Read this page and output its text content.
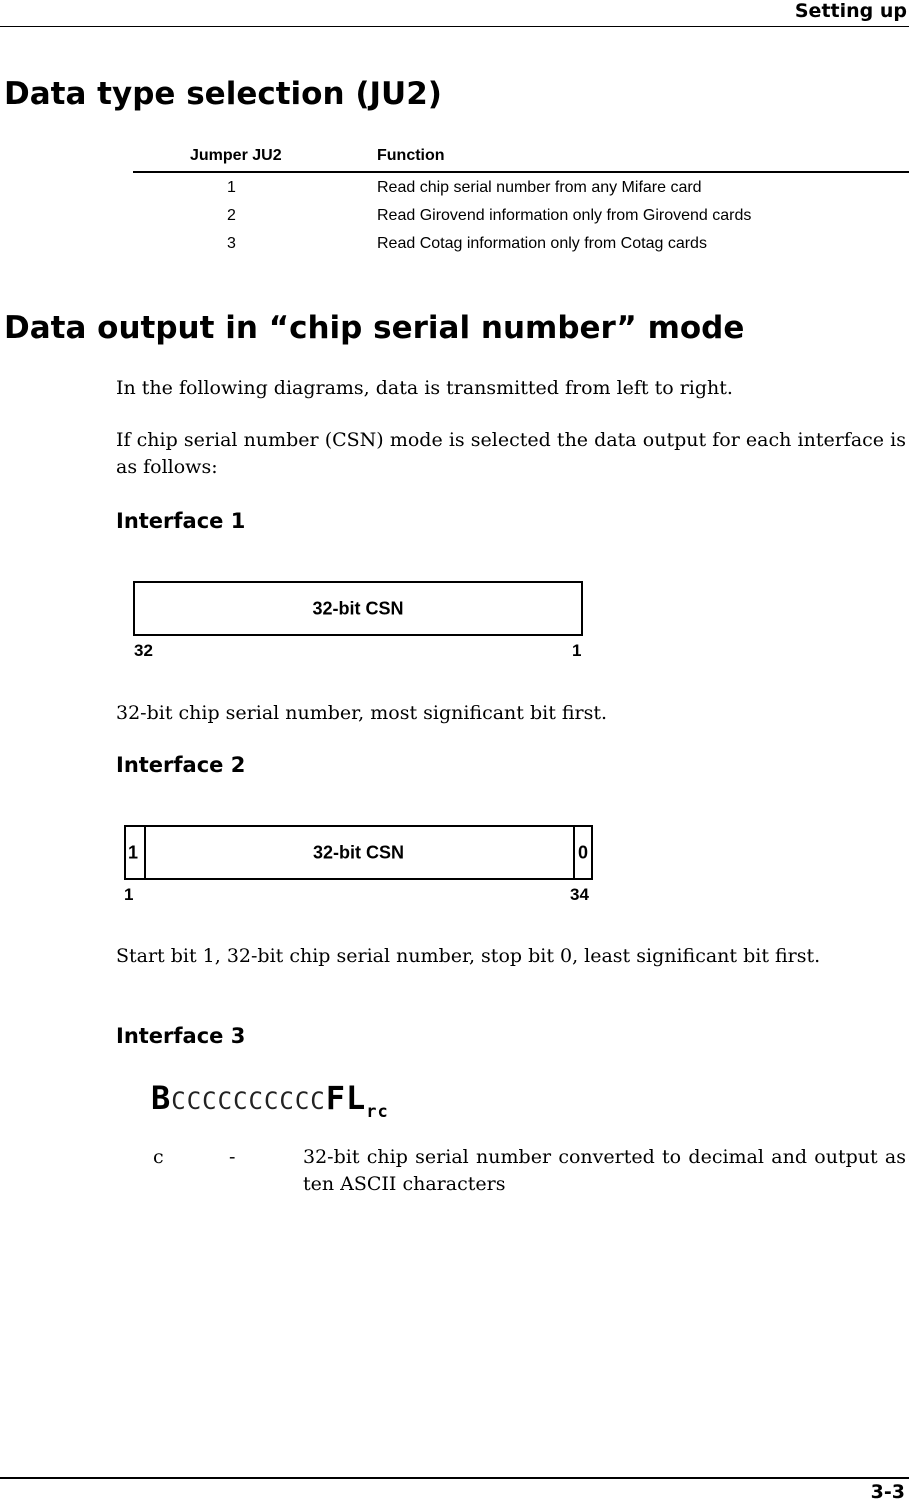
Setting up
Data type selection (JU2)
Jumper JU2	Function
1	Read chip serial number from any Mifare card
2	Read Girovend information only from Girovend cards
3	Read Cotag information only from Cotag cards
Data output in “chip serial number” mode
In the following diagrams, data is transmitted from left to right.
If chip serial number (CSN) mode is selected the data output for each interface is as follows:
Interface 1
32-bit CSN
32	1
32-bit chip serial number, most significant bit first.
Interface 2
1	32-bit CSN	0
1	34
Start bit 1, 32-bit chip serial number, stop bit 0, least significant bit first.
Interface 3
$BCCCCCCCCCCFL_{rc}$
c	-	32-bit chip serial number converted to decimal and output as ten ASCII characters
3-3
